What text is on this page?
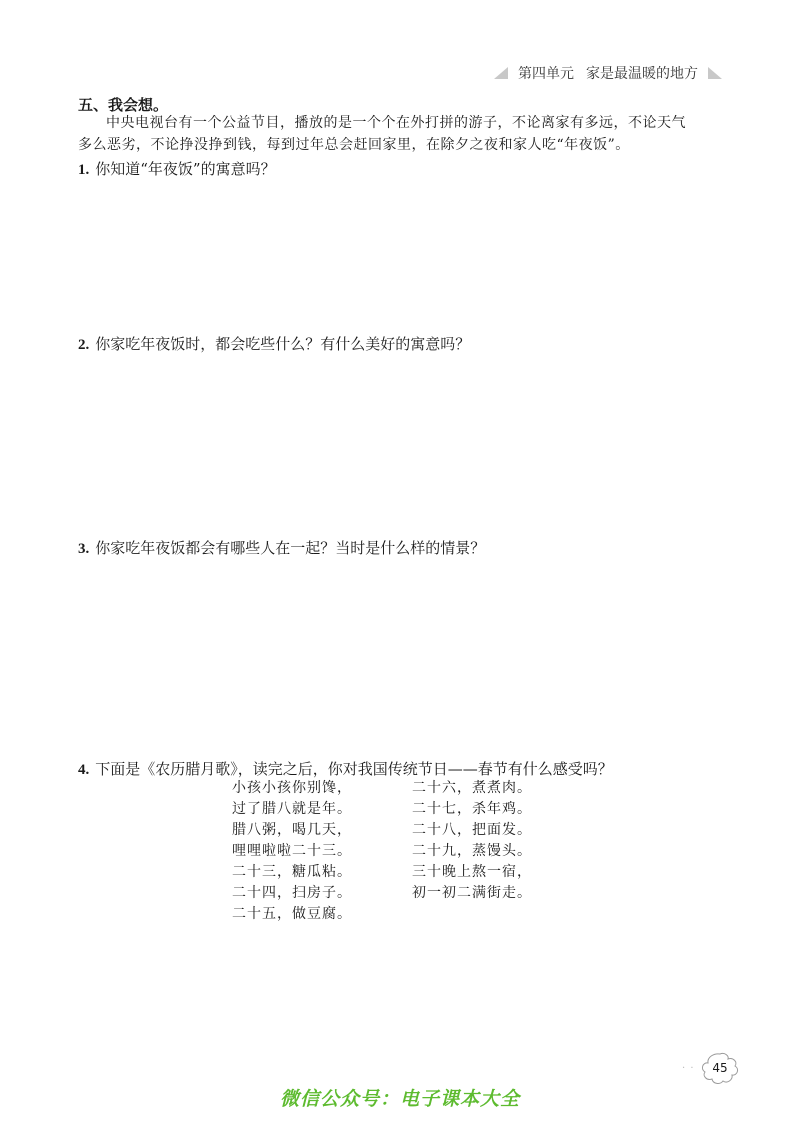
第四单元 家是最温暖的地方
五、我会想。
中央电视台有一个公益节目，播放的是一个个在外打拼的游子，不论离家有多远，不论天气
多么恶劣，不论挣没挣到钱，每到过年总会赶回家里，在除夕之夜和家人吃“年夜饭”。
1. 你知道“年夜饭”的寓意吗？
2. 你家吃年夜饭时，都会吃些什么？有什么美好的寓意吗？
3. 你家吃年夜饭都会有哪些人在一起？当时是什么样的情景？
4. 下面是《农历腊月歌》，读完之后，你对我国传统节日——春节有什么感受吗？
小孩小孩你别馋，
过了腊八就是年。
腊八粥，喝几天，
哩哩啦啦二十三。
二十三，糖瓜粘。
二十四，扫房子。
二十五，做豆腐。
二十六，煮煮肉。
二十七，杀年鸡。
二十八，把面发。
二十九，蒸馒头。
三十晚上熬一宿，
初一初二满街走。
· ·	45
微信公众号：电子课本大全
